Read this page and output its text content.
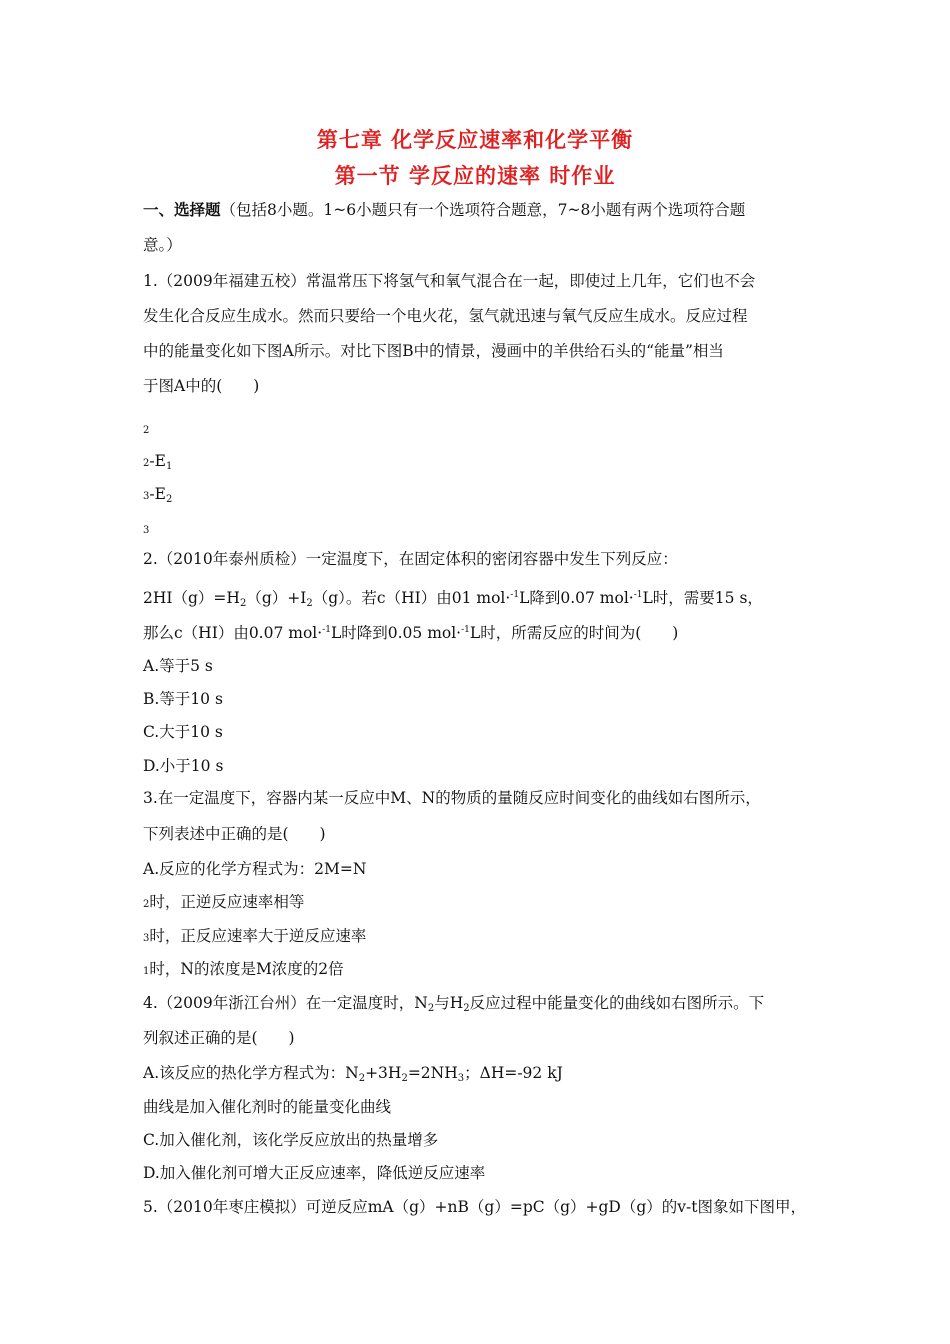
第七章 化学反应速率和化学平衡
第一节 学反应的速率 时作业
一、选择题（包括8小题。1~6小题只有一个选项符合题意，7~8小题有两个选项符合题
意。）
1.（2009年福建五校）常温常压下将氢气和氧气混合在一起，即使过上几年，它们也不会
发生化合反应生成水。然而只要给一个电火花，氢气就迅速与氧气反应生成水。反应过程
中的能量变化如下图A所示。对比下图B中的情景，漫画中的羊供给石头的“能量”相当
于图A中的(　　)
2
$2-E_1$
$3-E_2$
3
2.（2010年泰州质检）一定温度下，在固定体积的密闭容器中发生下列反应：
$2HI(g)=H_2(g)+I_2(g)$。若c（HI）由01 mol·$^{-1}$L降到0.07 mol·$^{-1}$L时，需要15 s，
那么c（HI）由0.07 mol·$^{-1}$L时降到0.05 mol·$^{-1}$L时，所需反应的时间为(　　)
A.等于5 s
B.等于10 s
C.大于10 s
D.小于10 s
3.在一定温度下，容器内某一反应中M、N的物质的量随反应时间变化的曲线如右图所示，
下列表述中正确的是(　　)
A.反应的化学方程式为：2M=N
2时，正逆反应速率相等
3时，正反应速率大于逆反应速率
1时，N的浓度是M浓度的2倍
4.（2009年浙江台州）在一定温度时，$N_2$与$H_2$反应过程中能量变化的曲线如右图所示。下
列叙述正确的是(　　)
A.该反应的热化学方程式为：$N_2+3H_2=2NH_3$；ΔH=-92 kJ
曲线是加入催化剂时的能量变化曲线
C.加入催化剂，该化学反应放出的热量增多
D.加入催化剂可增大正反应速率，降低逆反应速率
5.（2010年枣庄模拟）可逆反应mA（g）+nB（g）=pC（g）+gD（g）的v-t图象如下图甲，
